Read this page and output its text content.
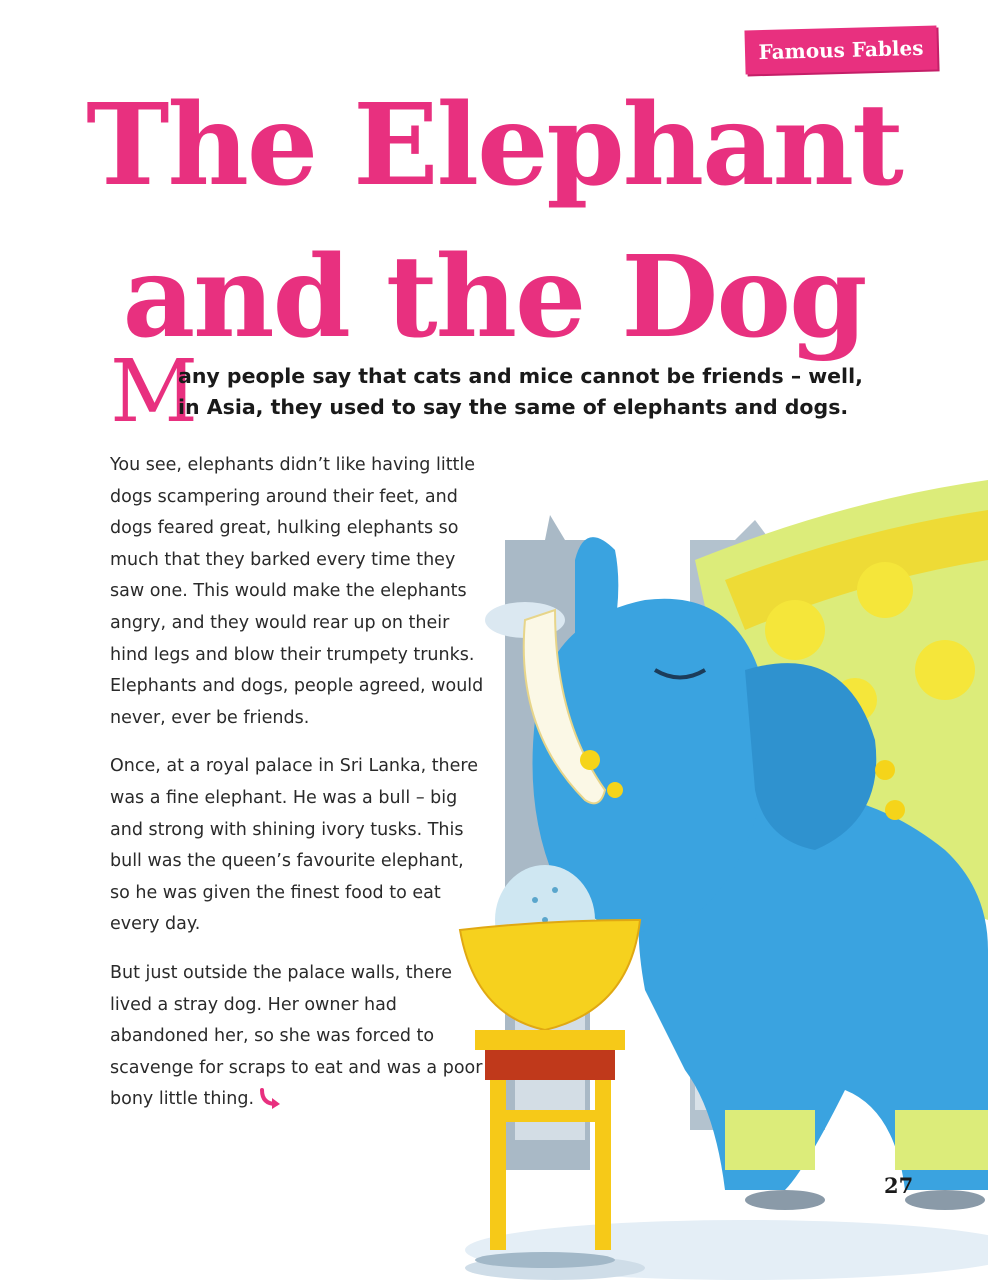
Famous Fables
The Elephant
and the Dog
M

any people say that cats and mice cannot be friends – well,
in Asia, they used to say the same of elephants and dogs.

You see, elephants didn’t like having little dogs scampering around their feet, and dogs feared great, hulking elephants so much that they barked every time they saw one. This would make the elephants angry, and they would rear up on their hind legs and blow their trumpety trunks. Elephants and dogs, people agreed, would never, ever be friends.

Once, at a royal palace in Sri Lanka, there was a fine elephant. He was a bull – big and strong with shining ivory tusks. This bull was the queen’s favourite elephant, so he was given the finest food to eat every day.

But just outside the palace walls, there lived a stray dog. Her owner had abandoned her, so she was forced to scavenge for scraps to eat and was a poor bony little thing.

27
